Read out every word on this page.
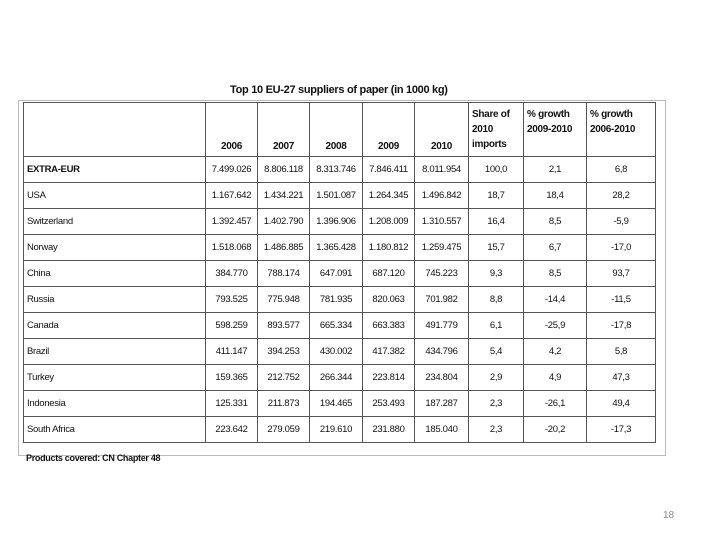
Top 10 EU-27 suppliers of paper (in 1000 kg)
	2006	2007	2008	2009	2010	Share of 2010 imports	% growth 2009-2010	% growth 2006-2010
EXTRA-EUR	7.499.026	8.806.118	8.313.746	7.846.411	8.011.954	100,0	2,1	6,8
USA	1.167.642	1.434.221	1.501.087	1.264.345	1.496.842	18,7	18,4	28,2
Switzerland	1.392.457	1.402.790	1.396.906	1.208.009	1.310.557	16,4	8,5	-5,9
Norway	1.518.068	1.486.885	1.365.428	1.180.812	1.259.475	15,7	6,7	-17,0
China	384.770	788.174	647.091	687.120	745.223	9,3	8,5	93,7
Russia	793.525	775.948	781.935	820.063	701.982	8,8	-14,4	-11,5
Canada	598.259	893.577	665.334	663.383	491.779	6,1	-25,9	-17,8
Brazil	411.147	394.253	430.002	417.382	434.796	5,4	4,2	5,8
Turkey	159.365	212.752	266.344	223.814	234.804	2,9	4,9	47,3
Indonesia	125.331	211.873	194.465	253.493	187.287	2,3	-26,1	49,4
South Africa	223.642	279.059	219.610	231.880	185.040	2,3	-20,2	-17,3
Products covered: CN Chapter 48
18
